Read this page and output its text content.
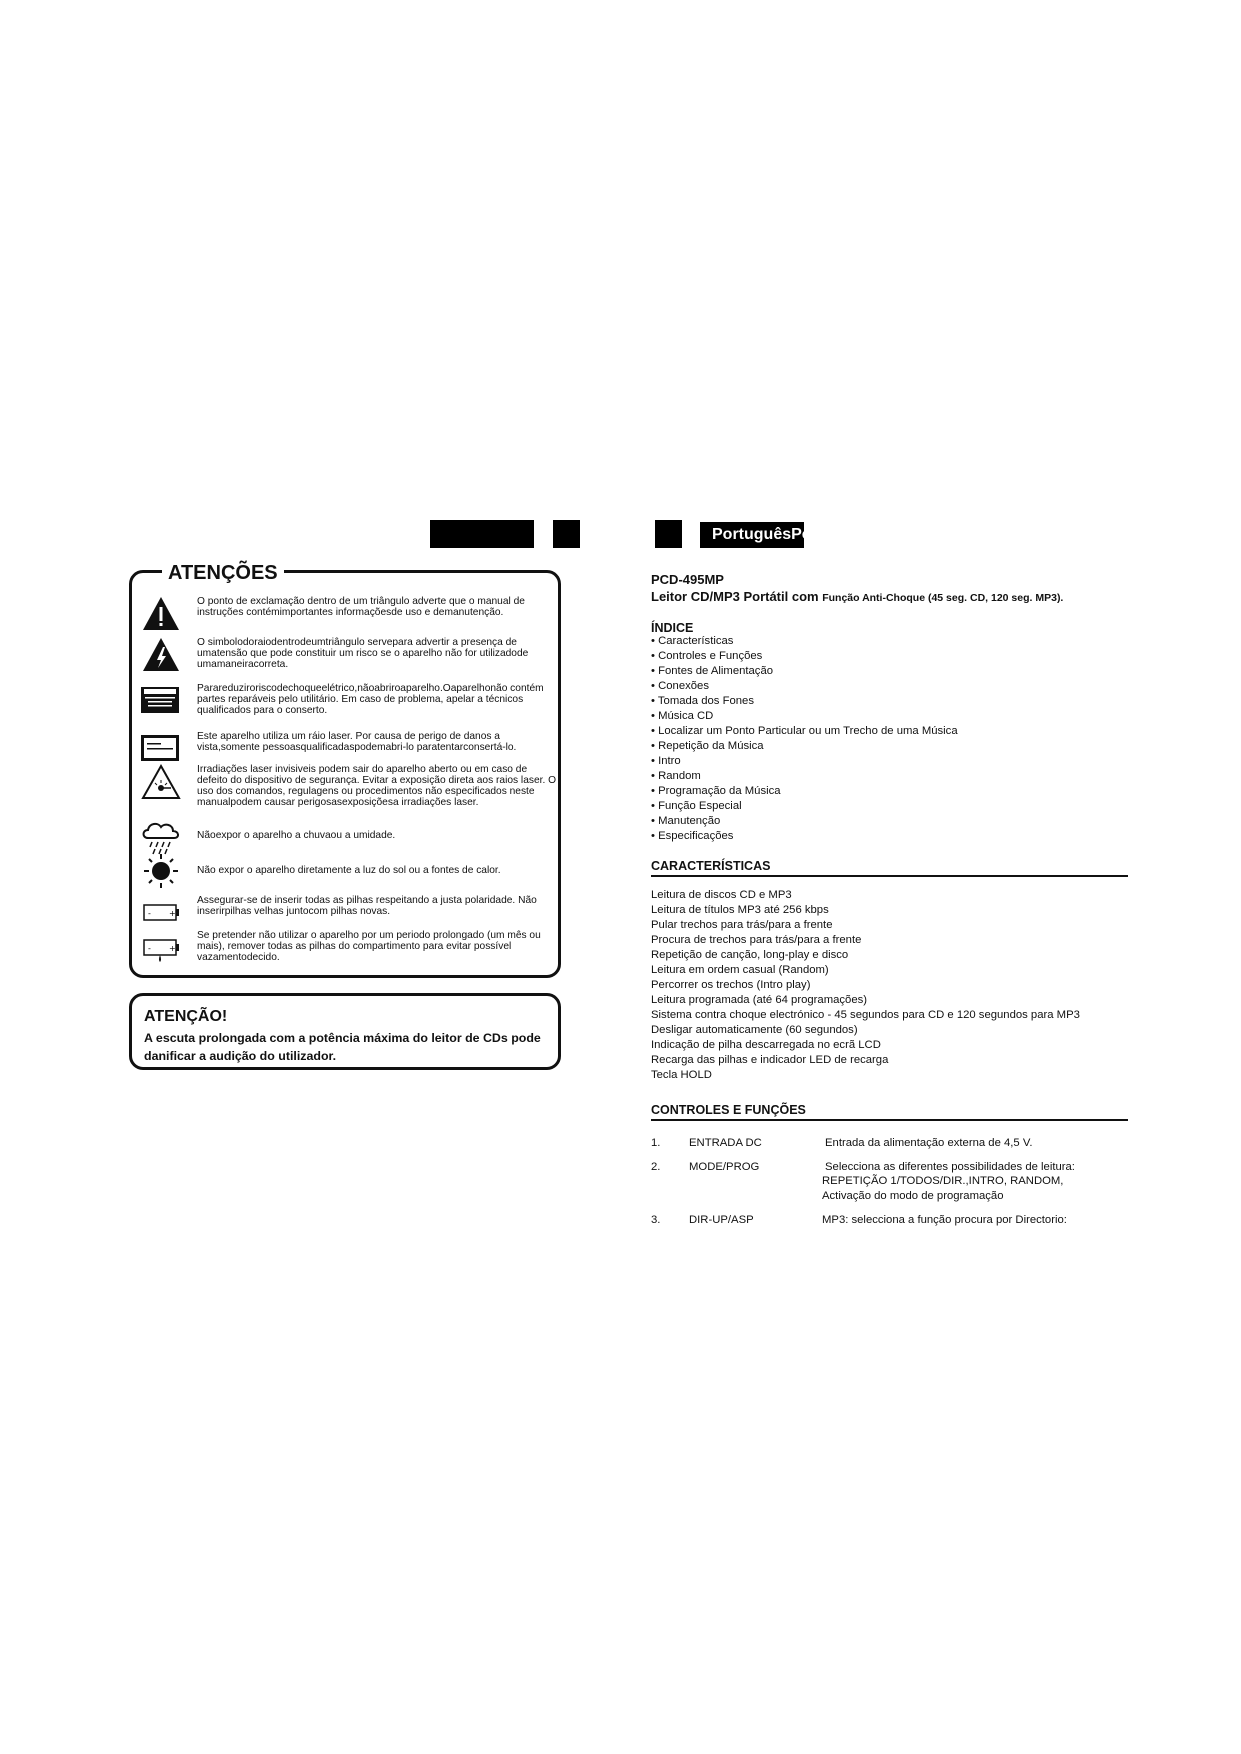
PortuguêsPortuguês
ATENÇÕES
O ponto de exclamação dentro de um triângulo adverte que o manual de instruções contémimportantes informaçõesde uso e demanutenção.
O simbolodoraiodentrodeumtriângulo servepara advertir a presença de umatensão que pode constituir um risco se o aparelho não for utilizadode umamaneiracorreta.
Parareduziroriscodechoqueelétrico,nãoabriroaparelho.Oaparelhonão contém partes reparáveis pelo utilitário. Em caso de problema, apelar a técnicos qualificados para o conserto.
Este aparelho utiliza um ráio laser. Por causa de perigo de danos a vista,somente pessoasqualificadaspodemabri-lo paratentarconsertá-lo.
Irradiações laser invisiveis podem sair do aparelho aberto ou em caso de defeito do dispositivo de segurança. Evitar a exposição direta aos raios laser. O uso dos comandos, regulagens ou procedimentos não especificados neste manualpodem causar perigosasexposiçõesa irradiações laser.
Nãoexpor o aparelho a chuvaou a umidade.
Não expor o aparelho diretamente a luz do sol ou a fontes de calor.
- +
Assegurar-se de inserir todas as pilhas respeitando a justa polaridade. Não inserirpilhas velhas juntocom pilhas novas.
- +
Se pretender não utilizar o aparelho por um periodo prolongado (um mês ou mais), remover todas as pilhas do compartimento para evitar possível vazamentodecido.
ATENÇÃO!
A escuta prolongada com a potência máxima do leitor de CDs pode danificar a audição do utilizador.
PCD-495MP
Leitor CD/MP3 Portátil com Função Anti-Choque (45 seg. CD, 120 seg. MP3).
ÍNDICE
• Características
• Controles e Funções
• Fontes de Alimentação
• Conexões
• Tomada dos Fones
• Música CD
• Localizar um Ponto Particular ou um Trecho de uma Música
• Repetição da Música
• Intro
• Random
• Programação da Música
• Função Especial
• Manutenção
• Especificações
CARACTERÍSTICAS
Leitura de discos CD e MP3
Leitura de títulos MP3 até 256 kbps
Pular trechos para trás/para a frente
Procura de trechos para trás/para a frente
Repetição de canção, long-play e disco
Leitura em ordem casual (Random)
Percorrer os trechos (Intro play)
Leitura programada (até 64 programações)
Sistema contra choque electrónico - 45 segundos para CD e 120 segundos para MP3
Desligar automaticamente (60 segundos)
Indicação de pilha descarregada no ecrã LCD
Recarga das pilhas e indicador LED de recarga
Tecla HOLD
CONTROLES E FUNÇÕES
1.	ENTRADA DC	Entrada da alimentação externa de 4,5 V.
2.	MODE/PROG	Selecciona as diferentes possibilidades de leitura:
REPETIÇÃO 1/TODOS/DIR.,INTRO, RANDOM,
Activação do modo de programação
3.	DIR-UP/ASP	MP3: selecciona a função procura por Directorio:
